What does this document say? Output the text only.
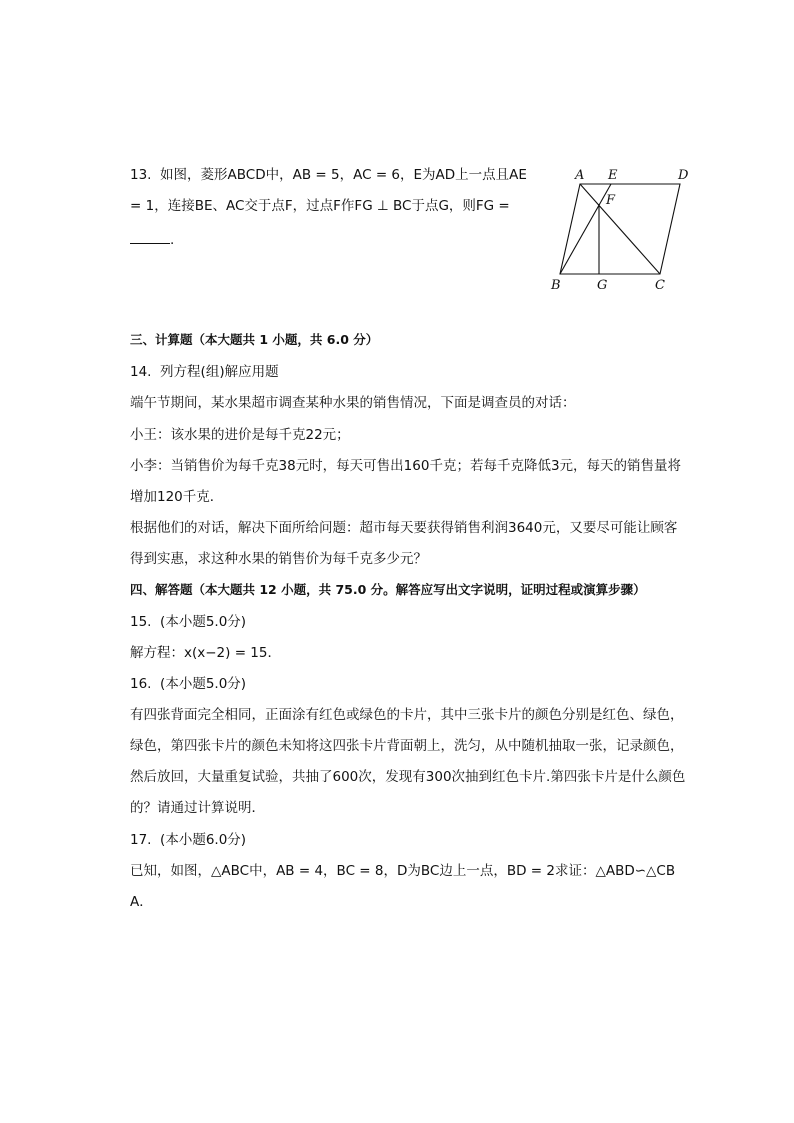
13.  如图，菱形ABCD中，AB = 5，AC = 6，E为AD上一点且AE
= 1，连接BE、AC交于点F，过点F作FG ⊥ BC于点G，则FG =
.
A E	D
F
B	G	C
三、计算题（本大题共 1 小题，共 6.0 分）
14.  列方程(组)解应用题
端午节期间，某水果超市调查某种水果的销售情况，下面是调查员的对话：
小王：该水果的进价是每千克22元；
小李：当销售价为每千克38元时，每天可售出160千克；若每千克降低3元，每天的销售量将
增加120千克．
根据他们的对话，解决下面所给问题：超市每天要获得销售利润3640元，又要尽可能让顾客
得到实惠，求这种水果的销售价为每千克多少元？
四、解答题（本大题共 12 小题，共 75.0 分。解答应写出文字说明，证明过程或演算步骤）
15.  (本小题5.0分)
解方程：x(x−2) = 15．
16.  (本小题5.0分)
有四张背面完全相同，正面涂有红色或绿色的卡片，其中三张卡片的颜色分别是红色、绿色，
绿色，第四张卡片的颜色未知将这四张卡片背面朝上，洗匀，从中随机抽取一张，记录颜色，
然后放回，大量重复试验，共抽了600次，发现有300次抽到红色卡片.第四张卡片是什么颜色
的？请通过计算说明．
17.  (本小题6.0分)
已知，如图，△ABC中，AB = 4，BC = 8，D为BC边上一点，BD = 2求证：△ABD∽△CB
A．
